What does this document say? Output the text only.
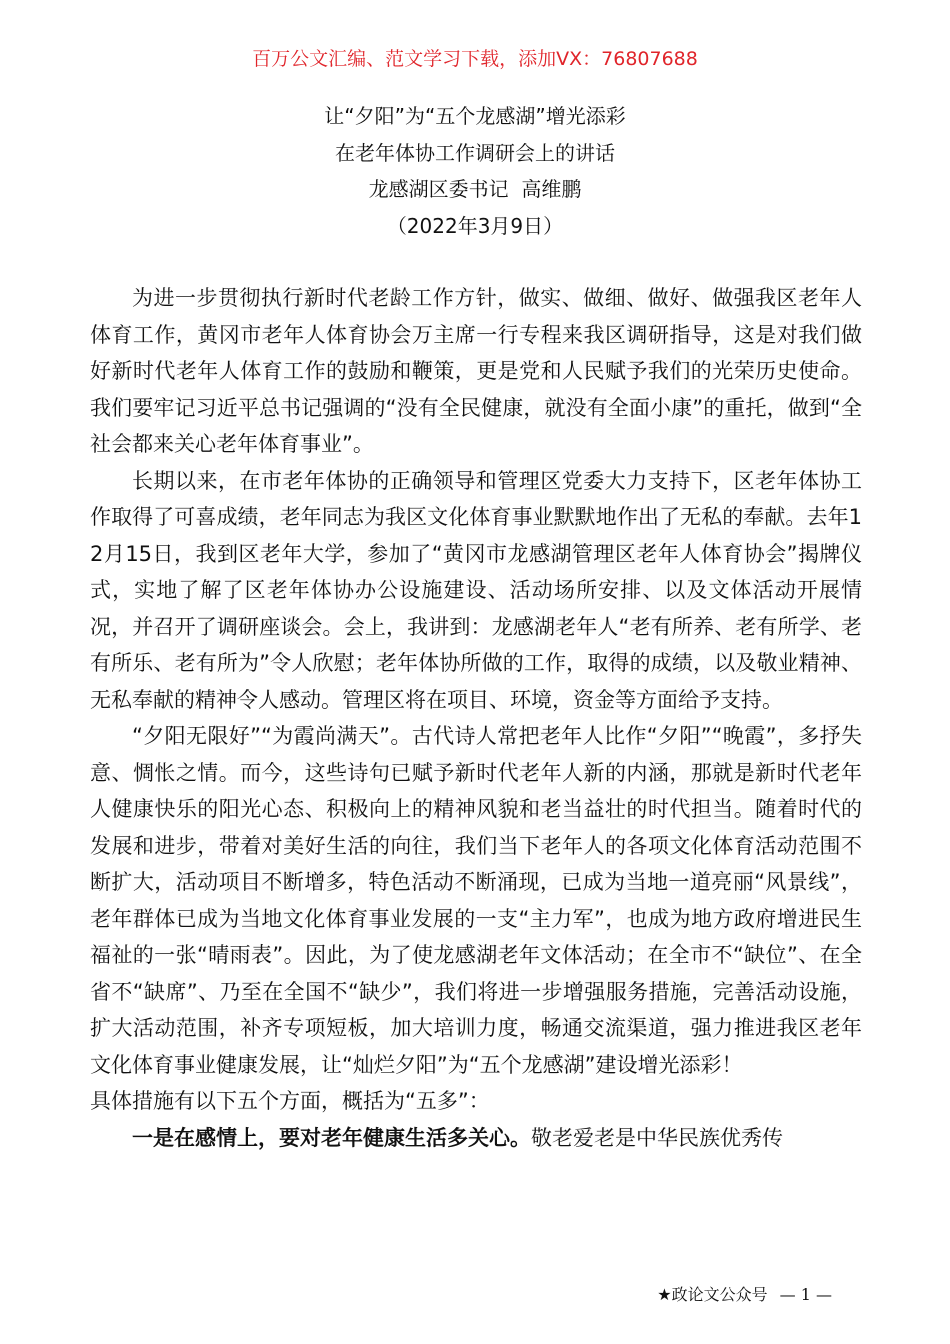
百万公文汇编、范文学习下载，添加VX：76807688
让“夕阳”为“五个龙感湖”增光添彩
在老年体协工作调研会上的讲话
龙感湖区委书记  高维鹏
（2022年3月9日）

为进一步贯彻执行新时代老龄工作方针，做实、做细、做好、做强我区老年人体育工作，黄冈市老年人体育协会万主席一行专程来我区调研指导，这是对我们做好新时代老年人体育工作的鼓励和鞭策，更是党和人民赋予我们的光荣历史使命。我们要牢记习近平总书记强调的“没有全民健康，就没有全面小康”的重托，做到“全社会都来关心老年体育事业”。

长期以来，在市老年体协的正确领导和管理区党委大力支持下，区老年体协工作取得了可喜成绩，老年同志为我区文化体育事业默默地作出了无私的奉献。去年12月15日，我到区老年大学，参加了“黄冈市龙感湖管理区老年人体育协会”揭牌仪式，实地了解了区老年体协办公设施建设、活动场所安排、以及文体活动开展情况，并召开了调研座谈会。会上，我讲到：龙感湖老年人“老有所养、老有所学、老有所乐、老有所为”令人欣慰；老年体协所做的工作，取得的成绩，以及敬业精神、无私奉献的精神令人感动。管理区将在项目、环境，资金等方面给予支持。

“夕阳无限好”“为霞尚满天”。古代诗人常把老年人比作“夕阳”“晚霞”，多抒失意、惆怅之情。而今，这些诗句已赋予新时代老年人新的内涵，那就是新时代老年人健康快乐的阳光心态、积极向上的精神风貌和老当益壮的时代担当。随着时代的发展和进步，带着对美好生活的向往，我们当下老年人的各项文化体育活动范围不断扩大，活动项目不断增多，特色活动不断涌现，已成为当地一道亮丽“风景线”，老年群体已成为当地文化体育事业发展的一支“主力军”，也成为地方政府增进民生福祉的一张“晴雨表”。因此，为了使龙感湖老年文体活动；在全市不“缺位”、在全省不“缺席”、乃至在全国不“缺少”，我们将进一步增强服务措施，完善活动设施，扩大活动范围，补齐专项短板，加大培训力度，畅通交流渠道，强力推进我区老年文化体育事业健康发展，让“灿烂夕阳”为“五个龙感湖”建设增光添彩！

具体措施有以下五个方面，概括为“五多”：

一是在感情上，要对老年健康生活多关心。敬老爱老是中华民族优秀传

★政论文公众号 — 1 —
